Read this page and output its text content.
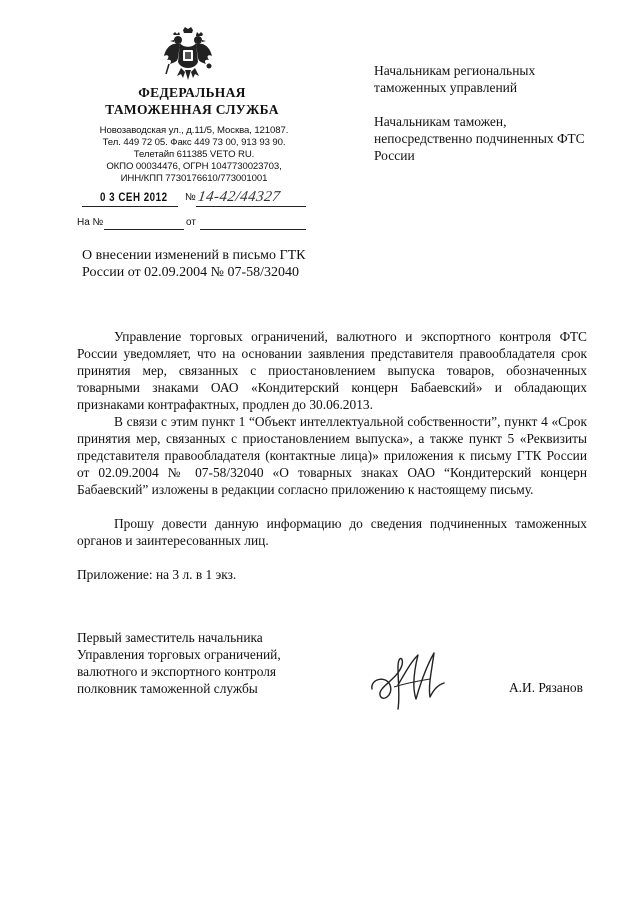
ФЕДЕРАЛЬНАЯ
ТАМОЖЕННАЯ СЛУЖБА
Новозаводская ул., д.11/5, Москва, 121087.
Тел. 449 72 05. Факс 449 73 00, 913 93 90.
Телетайп 611385 VETO RU.
ОКПО 00034476, ОГРН 1047730023703,
ИНН/КПП 7730176610/773001001
0 3 СЕН 2012 № 14-42/44327
На №	от
Начальникам региональных таможенных управлений
Начальникам таможен, непосредственно подчиненных ФТС России
О внесении изменений в письмо ГТК России от 02.09.2004 № 07-58/32040
Управление торговых ограничений, валютного и экспортного контроля ФТС России уведомляет, что на основании заявления представителя правообладателя срок принятия мер, связанных с приостановлением выпуска товаров, обозначенных товарными знаками ОАО «Кондитерский концерн Бабаевский» и обладающих признаками контрафактных, продлен до 30.06.2013.
В связи с этим пункт 1 “Объект интеллектуальной собственности”, пункт 4 «Срок принятия мер, связанных с приостановлением выпуска», а также пункт 5 «Реквизиты представителя правообладателя (контактные лица)» приложения к письму ГТК России от 02.09.2004 № 07-58/32040 «О товарных знаках ОАО “Кондитерский концерн Бабаевский” изложены в редакции согласно приложению к настоящему письму.
Прошу довести данную информацию до сведения подчиненных таможенных органов и заинтересованных лиц.
Приложение: на 3 л. в 1 экз.
Первый заместитель начальника
Управления торговых ограничений,
валютного и экспортного контроля
полковник таможенной службы	А.И. Рязанов
